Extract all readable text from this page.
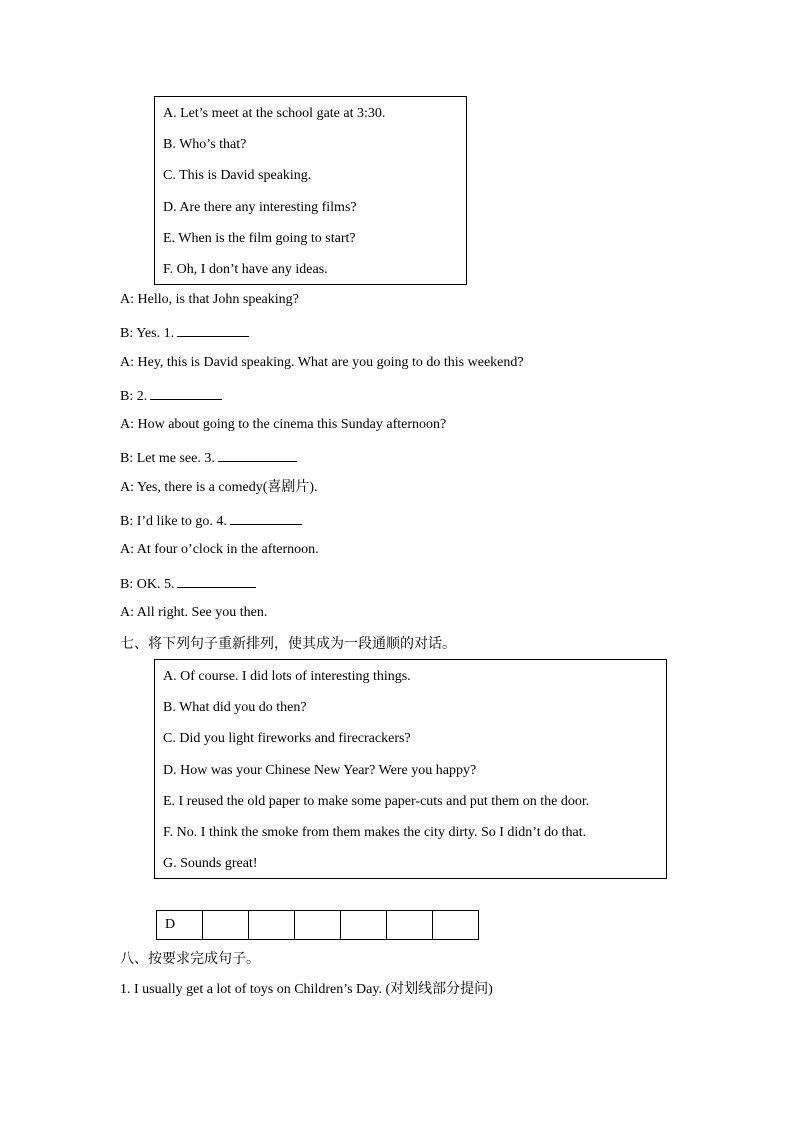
A. Let’s meet at the school gate at 3:30.
B. Who’s that?
C. This is David speaking.
D. Are there any interesting films?
E. When is the film going to start?
F. Oh, I don’t have any ideas.
A: Hello, is that John speaking?
B: Yes. 1.
A: Hey, this is David speaking. What are you going to do this weekend?
B: 2.
A: How about going to the cinema this Sunday afternoon?
B: Let me see. 3.
A: Yes, there is a comedy(喜剧片).
B: I’d like to go. 4.
A: At four o’clock in the afternoon.
B: OK. 5.
A: All right. See you then.
七、将下列句子重新排列，使其成为一段通顺的对话。
A. Of course. I did lots of interesting things.
B. What did you do then?
C. Did you light fireworks and firecrackers?
D. How was your Chinese New Year? Were you happy?
E. I reused the old paper to make some paper-cuts and put them on the door.
F. No. I think the smoke from them makes the city dirty. So I didn’t do that.
G. Sounds great!
D						
八、按要求完成句子。
1. I usually get a lot of toys on Children’s Day. (对划线部分提问)
